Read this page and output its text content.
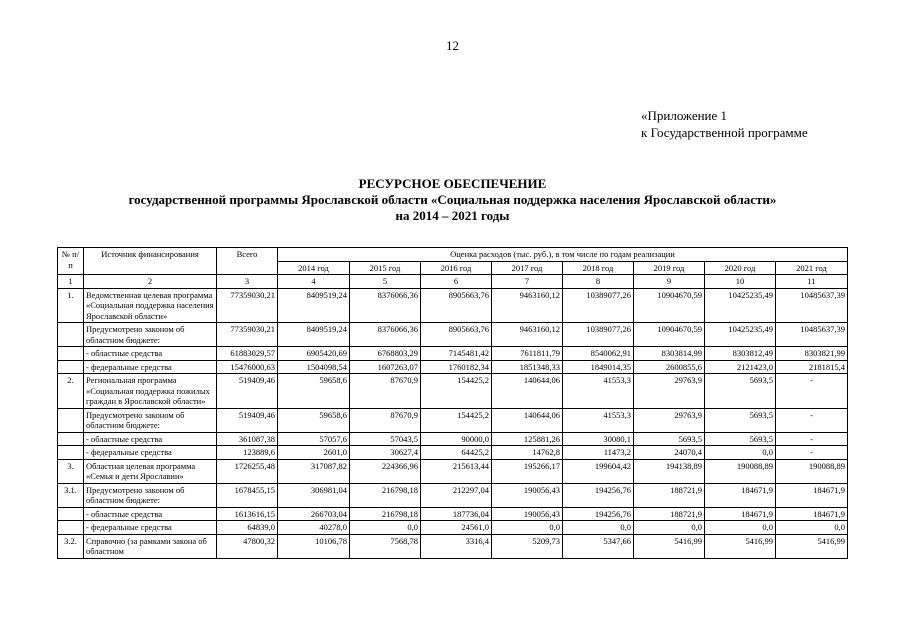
12
«Приложение 1
к Государственной программе
РЕСУРСНОЕ ОБЕСПЕЧЕНИЕ
государственной программы Ярославской области «Социальная поддержка населения Ярославской области»
на 2014 – 2021 годы
№ п/п	Источник финансирования	Всего	Оценка расходов (тыс. руб.), в том числе по годам реализации							
			2014 год	2015 год	2016 год	2017 год	2018 год	2019 год	2020 год	2021 год
1	2	3	4	5	6	7	8	9	10	11
1.	Ведомственная целевая программа «Социальная поддержка населения Ярославской области»	77359030,21	8409519,24	8376066,36	8905663,76	9463160,12	10389077,26	10904670,59	10425235,49	10485637,39
	Предусмотрено законом об областном бюджете:	77359030,21	8409519,24	8376066,36	8905663,76	9463160,12	10389077,26	10904670,59	10425235,49	10485637,39
	- областные средства	61883029,57	6905420,69	6768803,29	7145481,42	7611811,79	8540062,91	8303814,99	8303812,49	8303821,99
	- федеральные средства	15476000,63	1504098,54	1607263,07	1760182,34	1851348,33	1849014,35	2600855,6	2121423,0	2181815,4
2.	Региональная программа «Социальная поддержка пожилых граждан в Ярославской области»	519409,46	59658,6	87670,9	154425,2	140644,06	41553,3	29763,9	5693,5	-
	Предусмотрено законом об областном бюджете:	519409,46	59658,6	87670,9	154425,2	140644,06	41553,3	29763,9	5693,5	-
	- областные средства	361087,38	57057,6	57043,5	90000,0	125881,26	30080,1	5693,5	5693,5	-
	- федеральные средства	123889,6	2601,0	30627,4	64425,2	14762,8	11473,2	24070,4	0,0	-
3.	Областная целевая программа «Семья и дети Ярославии»	1726255,48	317087,82	224366,96	215613,44	195266,17	199604,42	194138,89	190088,89	190088,89
3.1.	Предусмотрено законом об областном бюджете:	1678455,15	306981,04	216798,18	212297,04	190056,43	194256,76	188721,9	184671,9	184671,9
	- областные средства	1613616,15	266703,04	216798,18	187736,04	190056,43	194256,76	188721,9	184671,9	184671,9
	- федеральные средства	64839,0	40278,0	0,0	24561,0	0,0	0,0	0,0	0,0	0,0
3.2.	Справочно (за рамками закона об областном	47800,32	10106,78	7568,78	3316,4	5209,73	5347,66	5416,99	5416,99	5416,99
